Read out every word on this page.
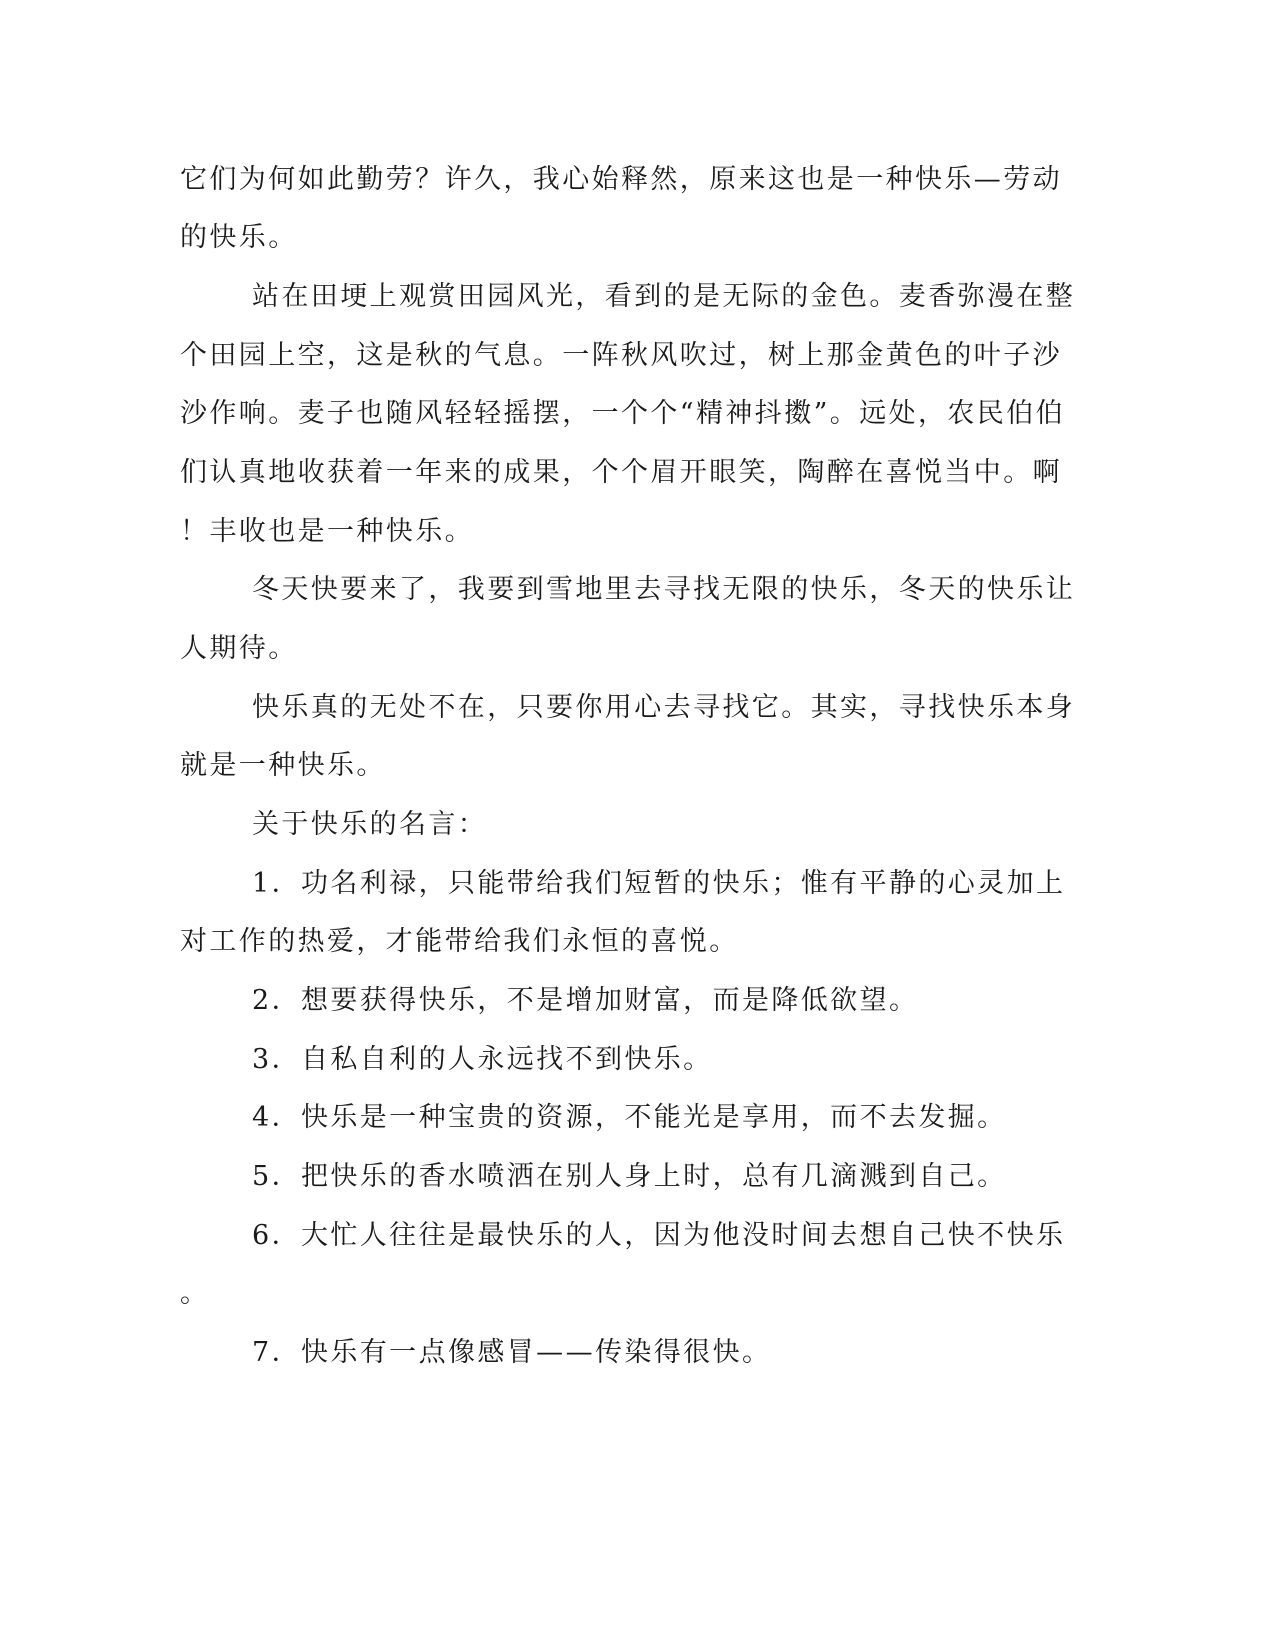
它们为何如此勤劳？许久，我心始释然，原来这也是一种快乐—劳动
的快乐。
站在田埂上观赏田园风光，看到的是无际的金色。麦香弥漫在整
个田园上空，这是秋的气息。一阵秋风吹过，树上那金黄色的叶子沙
沙作响。麦子也随风轻轻摇摆，一个个“精神抖擞”。远处，农民伯伯
们认真地收获着一年来的成果，个个眉开眼笑，陶醉在喜悦当中。啊
！丰收也是一种快乐。
冬天快要来了，我要到雪地里去寻找无限的快乐，冬天的快乐让
人期待。
快乐真的无处不在，只要你用心去寻找它。其实，寻找快乐本身
就是一种快乐。
关于快乐的名言：
1．功名利禄，只能带给我们短暂的快乐；惟有平静的心灵加上
对工作的热爱，才能带给我们永恒的喜悦。
2．想要获得快乐，不是增加财富，而是降低欲望。
3．自私自利的人永远找不到快乐。
4．快乐是一种宝贵的资源，不能光是享用，而不去发掘。
5．把快乐的香水喷洒在别人身上时，总有几滴溅到自己。
6．大忙人往往是最快乐的人，因为他没时间去想自己快不快乐
。
7．快乐有一点像感冒——传染得很快。
